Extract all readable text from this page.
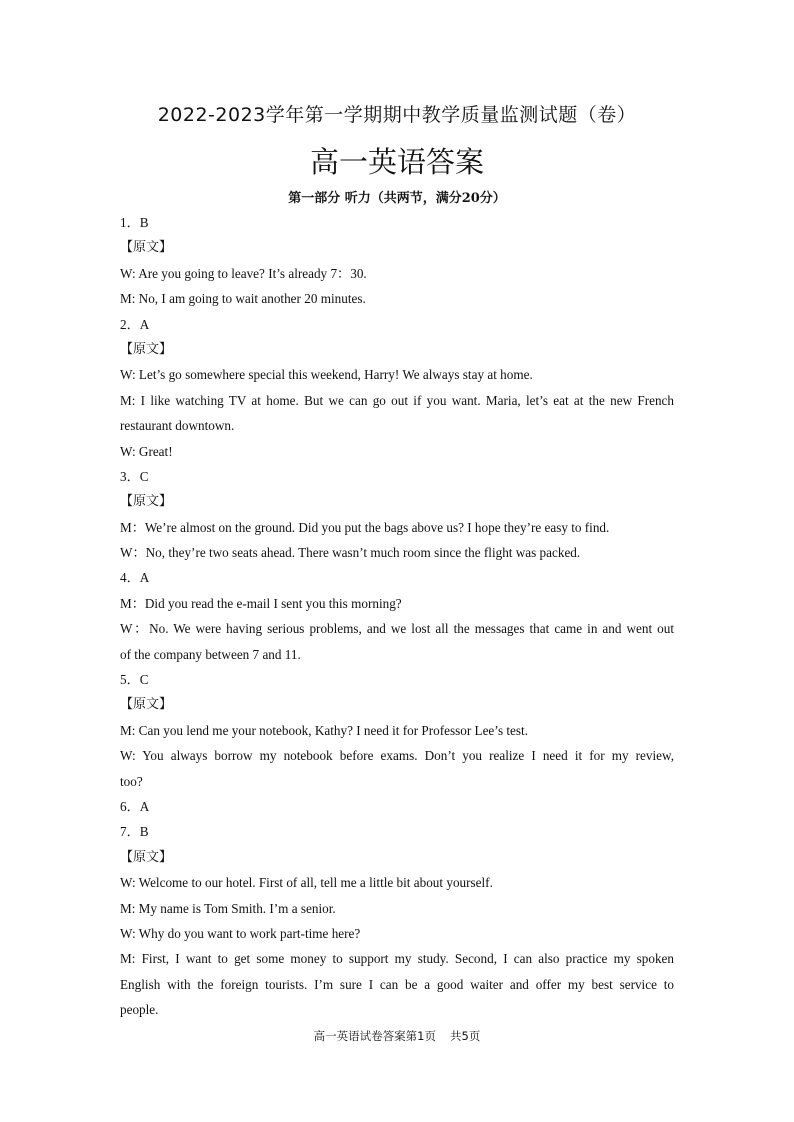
2022-2023学年第一学期期中教学质量监测试题（卷）
高一英语答案
第一部分 听力（共两节，满分20分）
1．B
【原文】
W: Are you going to leave? It’s already 7：30.
M: No, I am going to wait another 20 minutes.
2．A
【原文】
W: Let’s go somewhere special this weekend, Harry! We always stay at home.
M: I like watching TV at home. But we can go out if you want. Maria, let’s eat at the new French
restaurant downtown.
W: Great!
3．C
【原文】
M：We’re almost on the ground. Did you put the bags above us? I hope they’re easy to find.
W：No, they’re two seats ahead. There wasn’t much room since the flight was packed.
4．A
M：Did you read the e-mail I sent you this morning?
W：No. We were having serious problems, and we lost all the messages that came in and went out
of the company between 7 and 11.
5．C
【原文】
M: Can you lend me your notebook, Kathy? I need it for Professor Lee’s test.
W: You always borrow my notebook before exams. Don’t you realize I need it for my review,
too?
6．A
7．B
【原文】
W: Welcome to our hotel. First of all, tell me a little bit about yourself.
M: My name is Tom Smith. I’m a senior.
W: Why do you want to work part-time here?
M: First, I want to get some money to support my study. Second, I can also practice my spoken
English with the foreign tourists. I’m sure I can be a good waiter and offer my best service to
people.
高一英语试卷答案第1页 共5页
